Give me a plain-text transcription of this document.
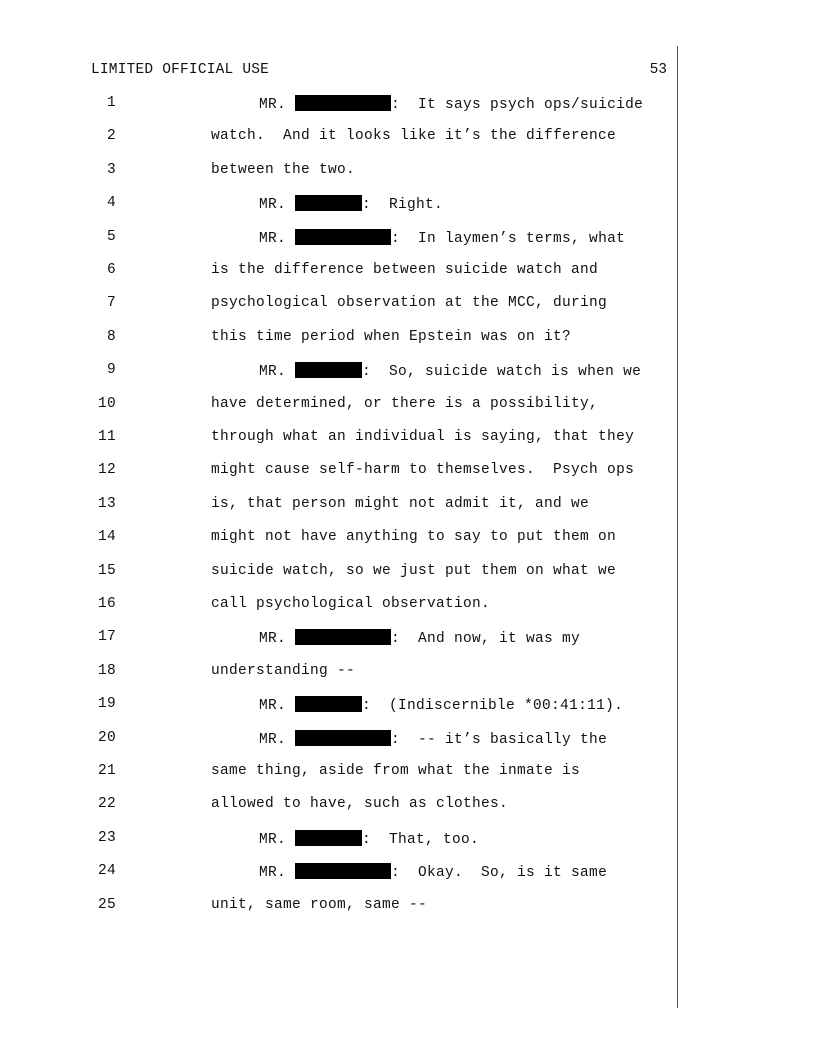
LIMITED OFFICIAL USE	53
1	MR.	:  It says psych ops/suicide
2	watch.  And it looks like it’s the difference
3	between the two.
4	MR.	:  Right.
5	MR.	:  In laymen’s terms, what
6	is the difference between suicide watch and
7	psychological observation at the MCC, during
8	this time period when Epstein was on it?
9	MR.	:  So, suicide watch is when we
10	have determined, or there is a possibility,
11	through what an individual is saying, that they
12	might cause self-harm to themselves.  Psych ops
13	is, that person might not admit it, and we
14	might not have anything to say to put them on
15	suicide watch, so we just put them on what we
16	call psychological observation.
17	MR.	:  And now, it was my
18	understanding --
19	MR.	:  (Indiscernible *00:41:11).
20	MR.	:  -- it’s basically the
21	same thing, aside from what the inmate is
22	allowed to have, such as clothes.
23	MR.	:  That, too.
24	MR.	:  Okay.  So, is it same
25	unit, same room, same --
